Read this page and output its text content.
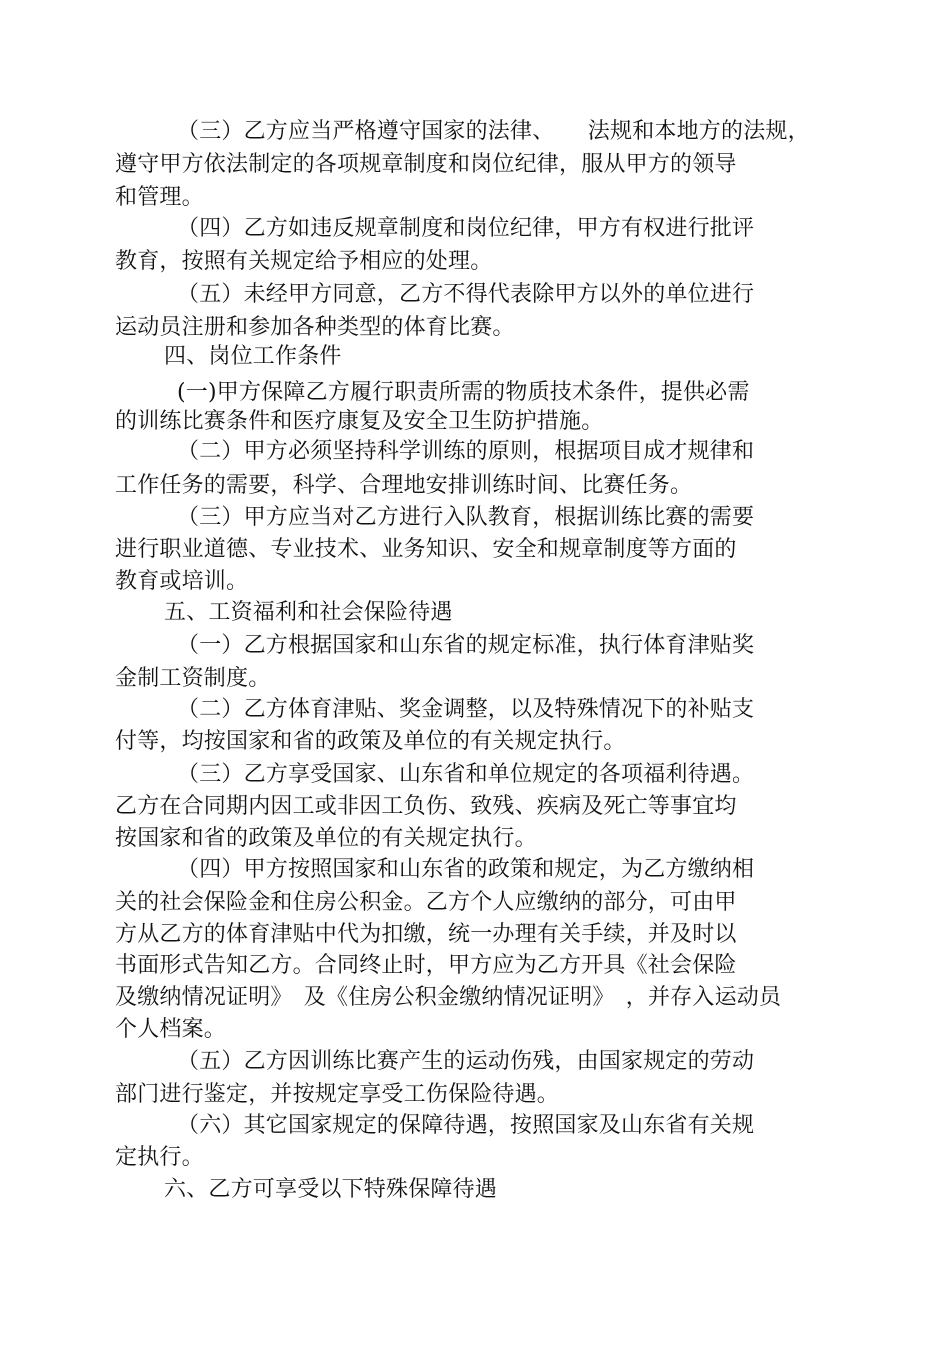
（三）乙方应当严格遵守国家的法律、　　法规和本地方的法规，
遵守甲方依法制定的各项规章制度和岗位纪律，服从甲方的领导
和管理。
（四）乙方如违反规章制度和岗位纪律，甲方有权进行批评
教育，按照有关规定给予相应的处理。
（五）未经甲方同意，乙方不得代表除甲方以外的单位进行
运动员注册和参加各种类型的体育比赛。
四、岗位工作条件
(一)甲方保障乙方履行职责所需的物质技术条件，提供必需
的训练比赛条件和医疗康复及安全卫生防护措施。
（二）甲方必须坚持科学训练的原则，根据项目成才规律和
工作任务的需要，科学、合理地安排训练时间、比赛任务。
（三）甲方应当对乙方进行入队教育，根据训练比赛的需要
进行职业道德、专业技术、业务知识、安全和规章制度等方面的
教育或培训。
五、工资福利和社会保险待遇
（一）乙方根据国家和山东省的规定标准，执行体育津贴奖
金制工资制度。
（二）乙方体育津贴、奖金调整，以及特殊情况下的补贴支
付等，均按国家和省的政策及单位的有关规定执行。
（三）乙方享受国家、山东省和单位规定的各项福利待遇。
乙方在合同期内因工或非因工负伤、致残、疾病及死亡等事宜均
按国家和省的政策及单位的有关规定执行。
（四）甲方按照国家和山东省的政策和规定，为乙方缴纳相
关的社会保险金和住房公积金。乙方个人应缴纳的部分，可由甲
方从乙方的体育津贴中代为扣缴，统一办理有关手续，并及时以
书面形式告知乙方。合同终止时，甲方应为乙方开具《社会保险
及缴纳情况证明》　及《住房公积金缴纳情况证明》　，并存入运动员
个人档案。
（五）乙方因训练比赛产生的运动伤残，由国家规定的劳动
部门进行鉴定，并按规定享受工伤保险待遇。
（六）其它国家规定的保障待遇，按照国家及山东省有关规
定执行。
六、乙方可享受以下特殊保障待遇
